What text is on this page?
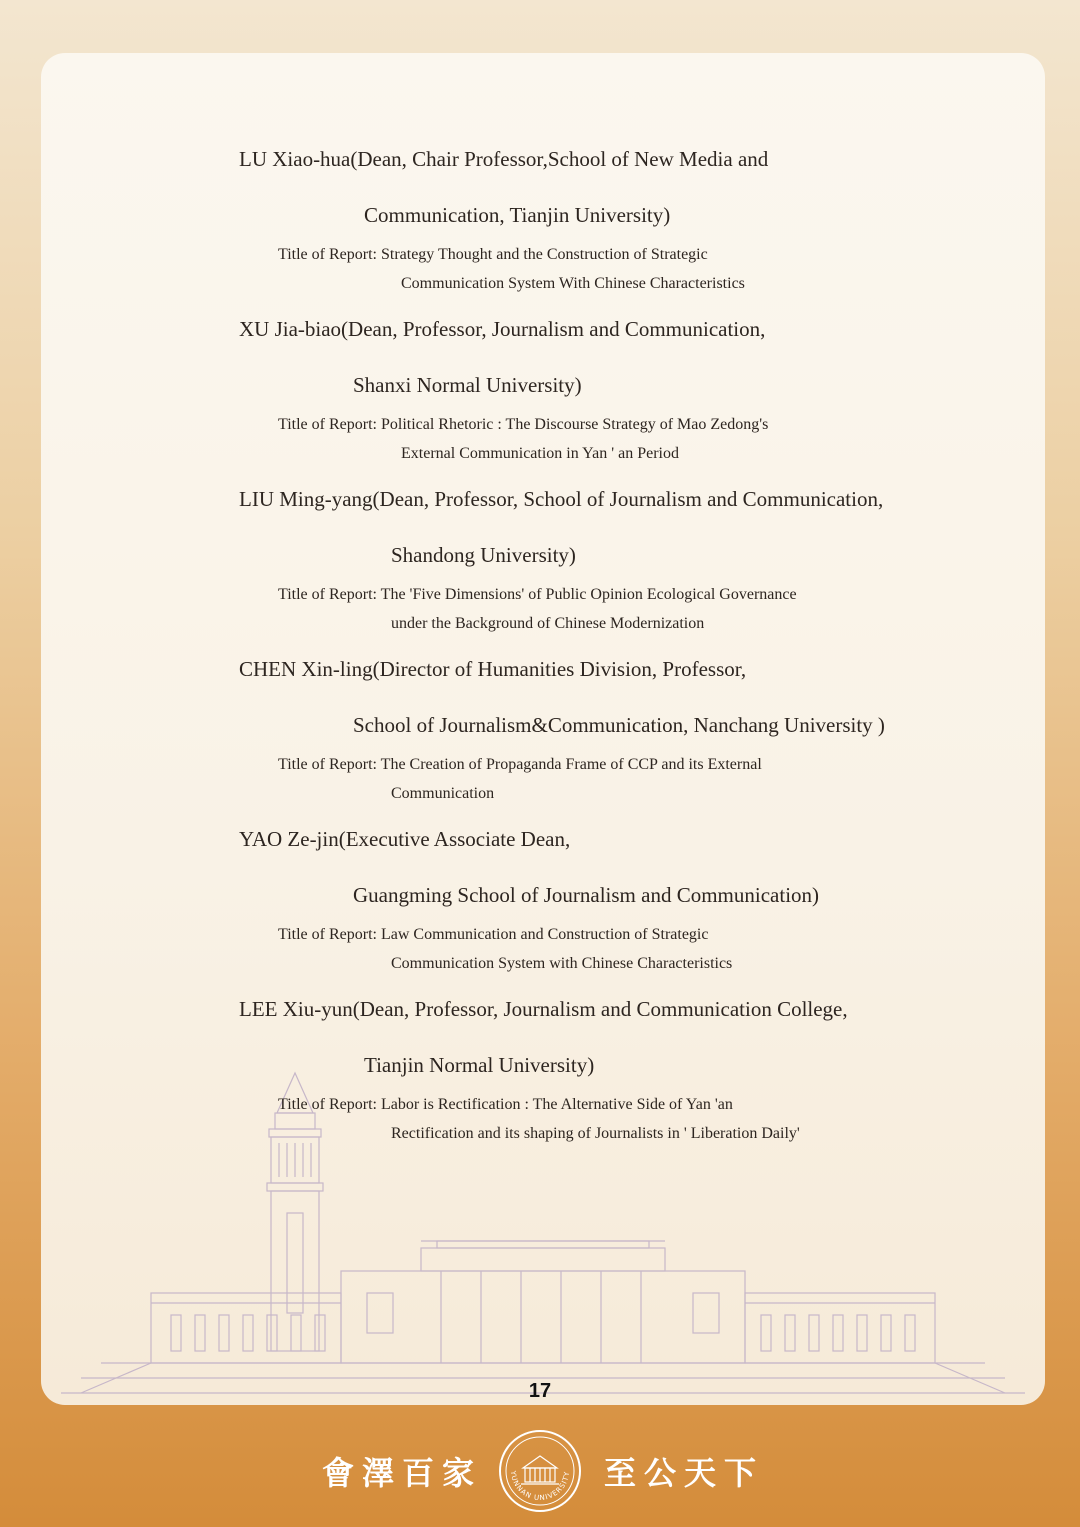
LU Xiao-hua(Dean, Chair Professor,School of New Media and
Communication, Tianjin University)
Title of Report: Strategy Thought and the Construction of Strategic
Communication System With Chinese Characteristics
XU Jia-biao(Dean, Professor, Journalism and Communication,
Shanxi Normal University)
Title of Report: Political Rhetoric : The Discourse Strategy of Mao Zedong's
External Communication in Yan ' an Period
LIU Ming-yang(Dean, Professor, School of Journalism and Communication,
Shandong University)
Title of Report: The 'Five Dimensions' of Public Opinion Ecological Governance
under the Background of Chinese Modernization
CHEN Xin-ling(Director of Humanities Division, Professor,
School of Journalism&Communication, Nanchang University )
Title of Report: The Creation of Propaganda Frame of CCP and its External
Communication
YAO Ze-jin(Executive Associate Dean,
Guangming School of Journalism and Communication)
Title of Report: Law Communication and Construction of Strategic
Communication System with Chinese Characteristics
LEE Xiu-yun(Dean, Professor, Journalism and Communication College,
Tianjin Normal University)
Title of Report: Labor is Rectification : The Alternative Side of Yan 'an
Rectification and its shaping of Journalists in ' Liberation Daily'
17
會澤百家	YUNNAN UNIVERSITY 至公天下
